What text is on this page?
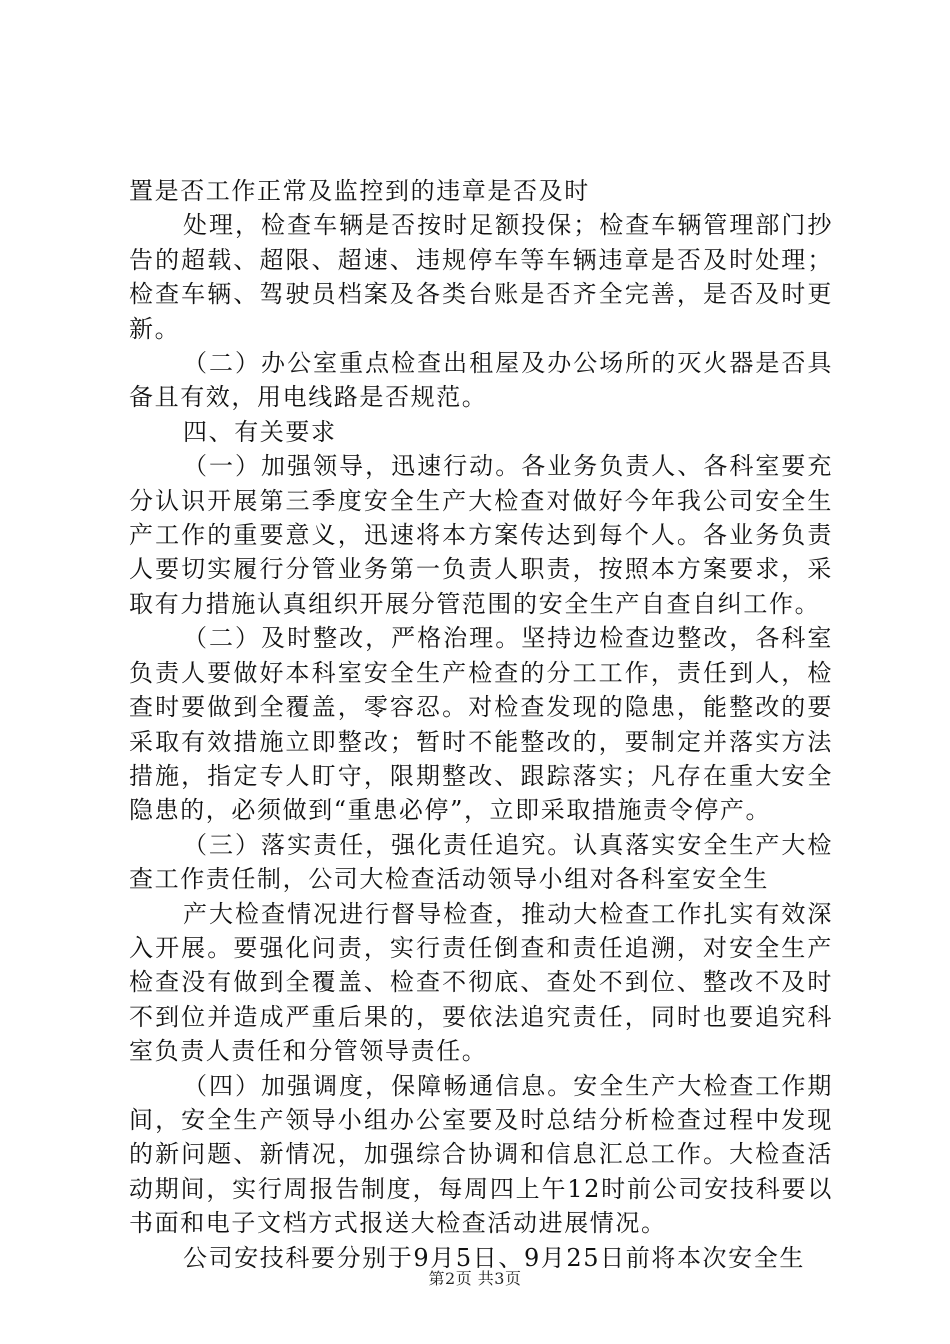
置是否工作正常及监控到的违章是否及时

处理，检查车辆是否按时足额投保；检查车辆管理部门抄告的超载、超限、超速、违规停车等车辆违章是否及时处理；检查车辆、驾驶员档案及各类台账是否齐全完善，是否及时更新。

（二）办公室重点检查出租屋及办公场所的灭火器是否具备且有效，用电线路是否规范。

四、有关要求

（一）加强领导，迅速行动。各业务负责人、各科室要充分认识开展第三季度安全生产大检查对做好今年我公司安全生产工作的重要意义，迅速将本方案传达到每个人。各业务负责人要切实履行分管业务第一负责人职责，按照本方案要求，采取有力措施认真组织开展分管范围的安全生产自查自纠工作。

（二）及时整改，严格治理。坚持边检查边整改，各科室负责人要做好本科室安全生产检查的分工工作，责任到人，检查时要做到全覆盖，零容忍。对检查发现的隐患，能整改的要采取有效措施立即整改；暂时不能整改的，要制定并落实方法措施，指定专人盯守，限期整改、跟踪落实；凡存在重大安全隐患的，必须做到“重患必停”，立即采取措施责令停产。

（三）落实责任，强化责任追究。认真落实安全生产大检查工作责任制，公司大检查活动领导小组对各科室安全生

产大检查情况进行督导检查，推动大检查工作扎实有效深入开展。要强化问责，实行责任倒查和责任追溯，对安全生产检查没有做到全覆盖、检查不彻底、查处不到位、整改不及时不到位并造成严重后果的，要依法追究责任，同时也要追究科室负责人责任和分管领导责任。

（四）加强调度，保障畅通信息。安全生产大检查工作期间，安全生产领导小组办公室要及时总结分析检查过程中发现的新问题、新情况，加强综合协调和信息汇总工作。大检查活动期间，实行周报告制度，每周四上午12时前公司安技科要以书面和电子文档方式报送大检查活动进展情况。

公司安技科要分别于9月5日、9月25日前将本次安全生

第2页 共3页
